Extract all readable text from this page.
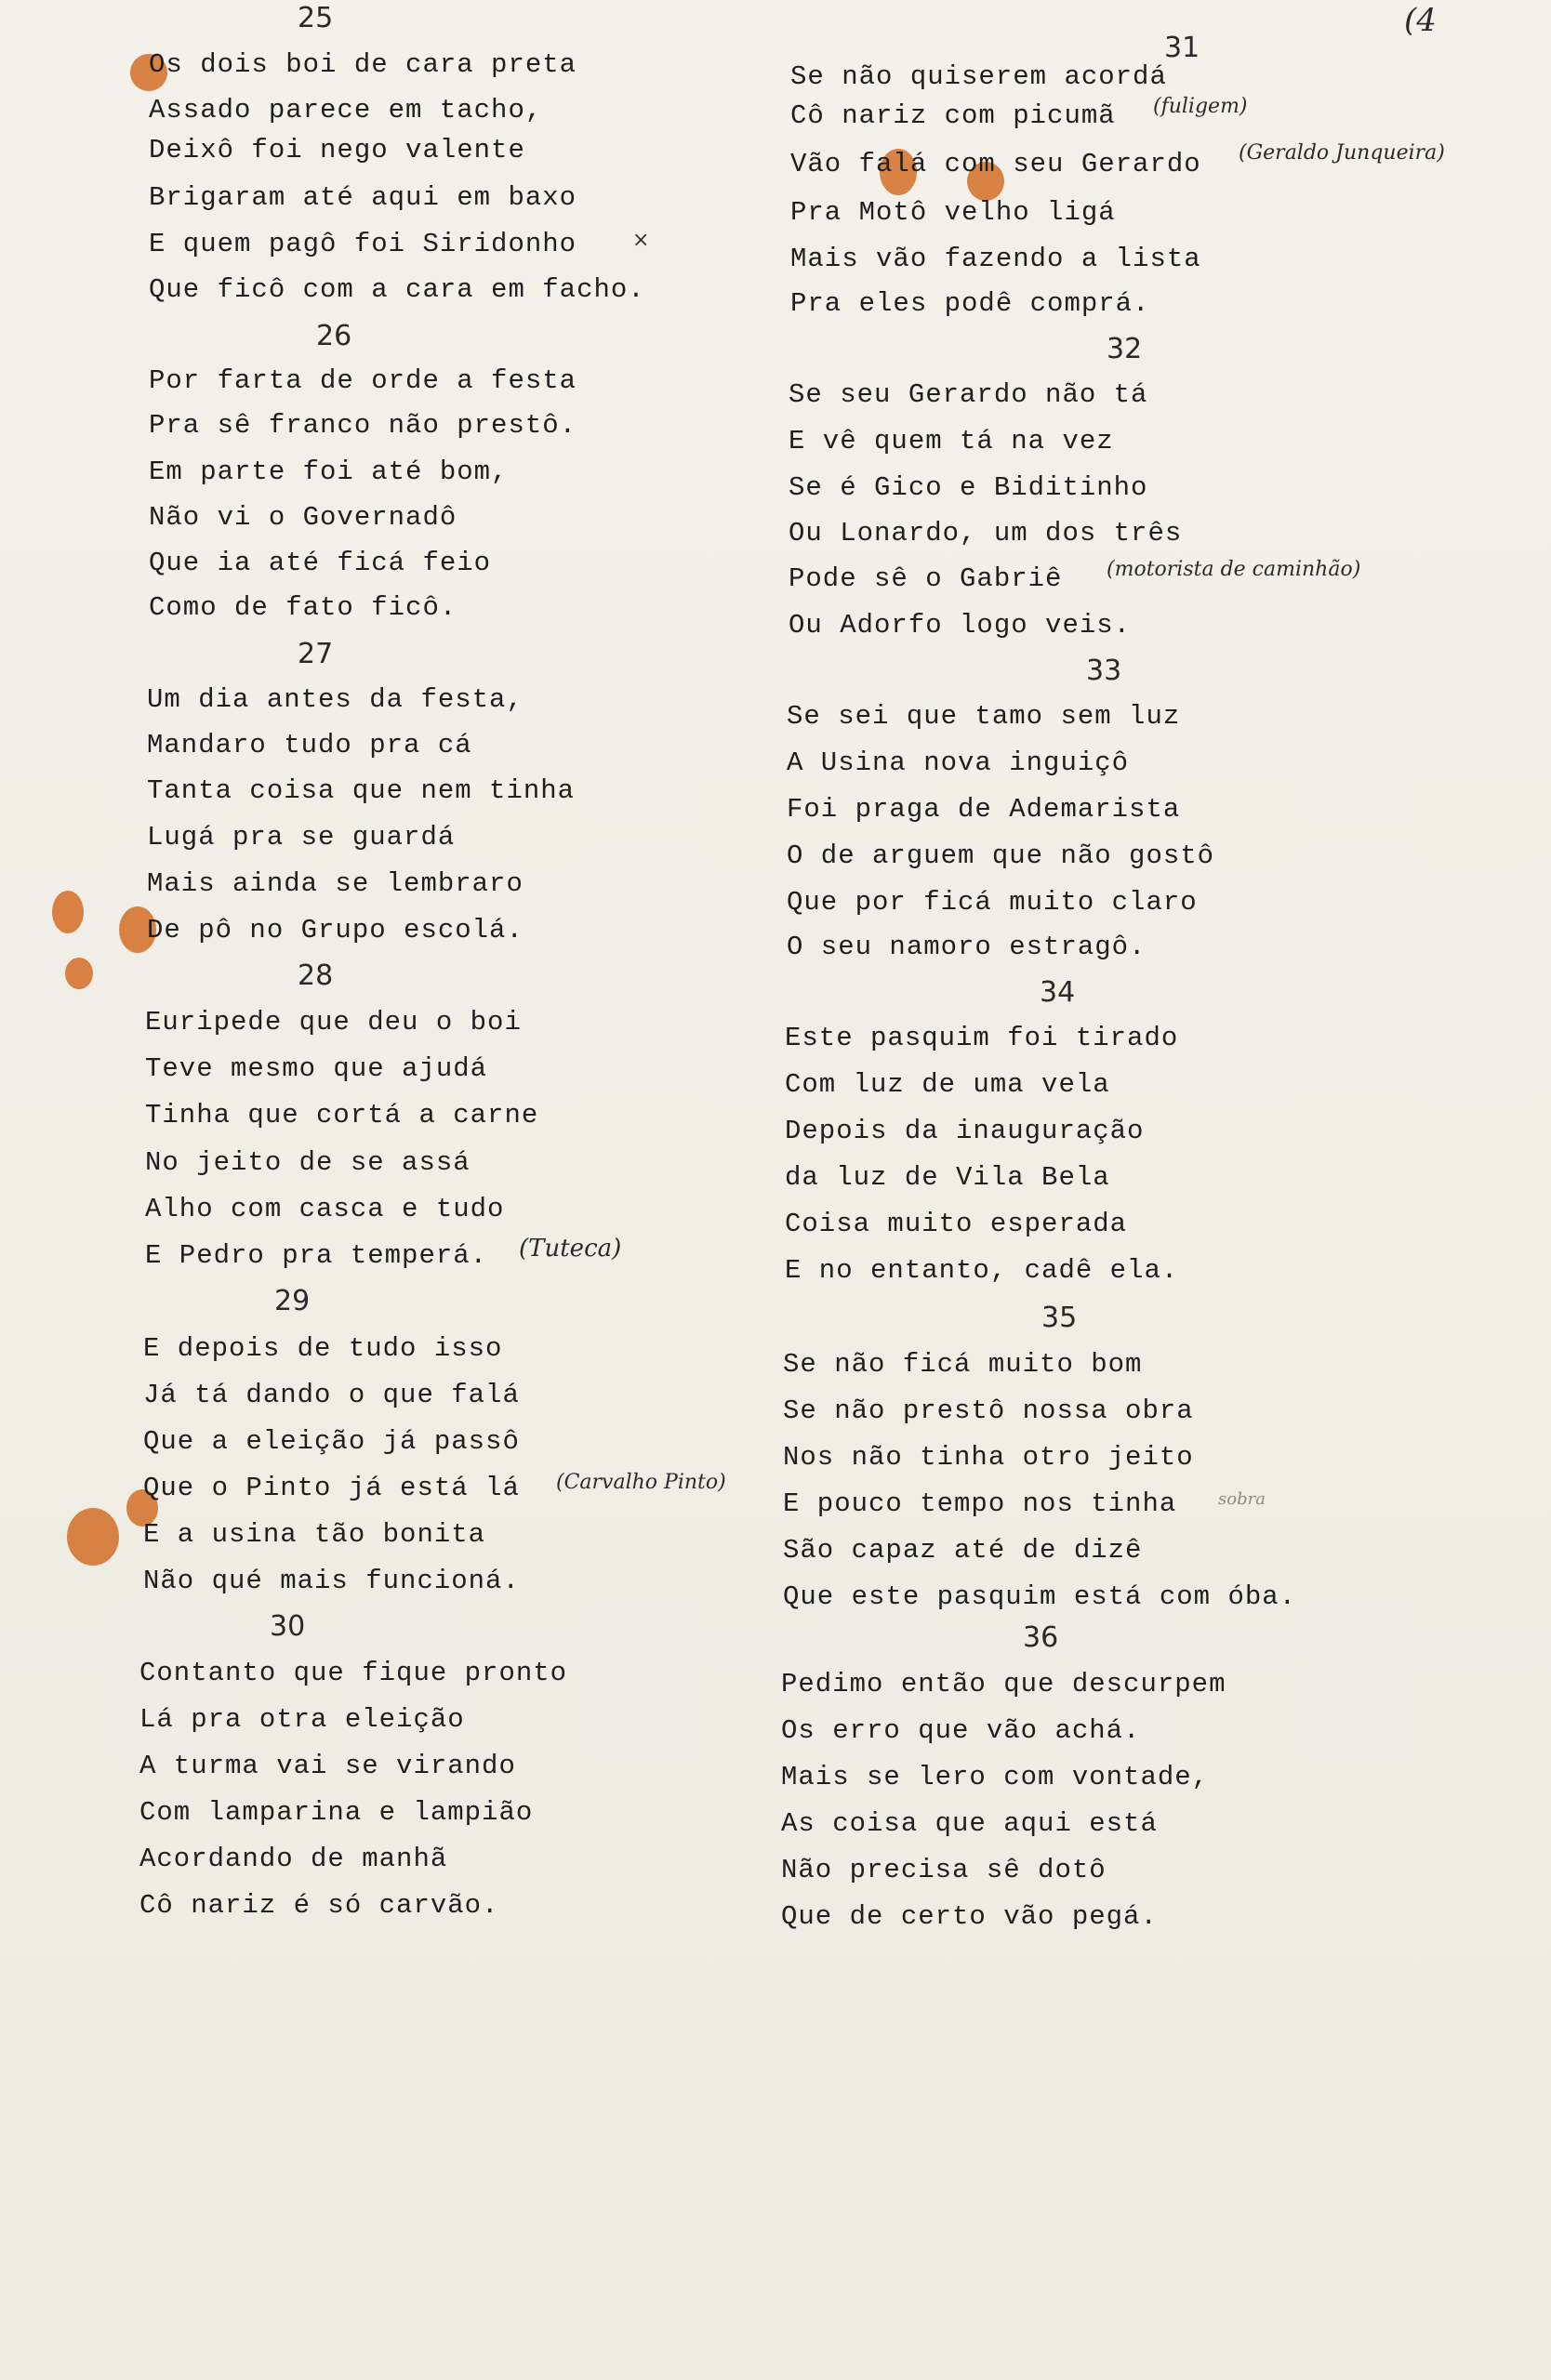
(4
25
Os dois boi de cara preta
Assado parece em tacho,
Deixô foi nego valente
Brigaram até aqui em baxo
E quem pagô foi Siridonho	×
Que ficô com a cara em facho.
26
Por farta de orde a festa
Pra sê franco não prestô.
Em parte foi até bom,
Não vi o Governadô
Que ia até ficá feio
Como de fato ficô.
27
Um dia antes da festa,
Mandaro tudo pra cá
Tanta coisa que nem tinha
Lugá pra se guardá
Mais ainda se lembraro
De pô no Grupo escolá.
28
Euripede que deu o boi
Teve mesmo que ajudá
Tinha que cortá a carne
No jeito de se assá
Alho com casca e tudo
E Pedro pra temperá. (Tuteca)
29
E depois de tudo isso
Já tá dando o que falá
Que a eleição já passô
Que o Pinto já está lá (Carvalho Pinto)
E a usina tão bonita
Não qué mais funcioná.
30
Contanto que fique pronto
Lá pra otra eleição
A turma vai se virando
Com lamparina e lampião
Acordando de manhã
Cô nariz é só carvão.
31
Se não quiserem acordá
Cô nariz com picumã (fuligem)
Vão falá com seu Gerardo (Geraldo Junqueira)
Pra Motô velho ligá
Mais vão fazendo a lista
Pra eles podê comprá.
32
Se seu Gerardo não tá
E vê quem tá na vez
Se é Gico e Biditinho
Ou Lonardo, um dos três
Pode sê o Gabriê (motorista de caminhão)
Ou Adorfo logo veis.
33
Se sei que tamo sem luz
A Usina nova inguiçô
Foi praga de Ademarista
O de arguem que não gostô
Que por ficá muito claro
O seu namoro estragô.
34
Este pasquim foi tirado
Com luz de uma vela
Depois da inauguração
da luz de Vila Bela
Coisa muito esperada
E no entanto, cadê ela.
35
Se não ficá muito bom
Se não prestô nossa obra
Nos não tinha otro jeito
E pouco tempo nos tinha sobra
São capaz até de dizê
Que este pasquim está com óba.
36
Pedimo então que descurpem
Os erro que vão achá.
Mais se lero com vontade,
As coisa que aqui está
Não precisa sê dotô
Que de certo vão pegá.
